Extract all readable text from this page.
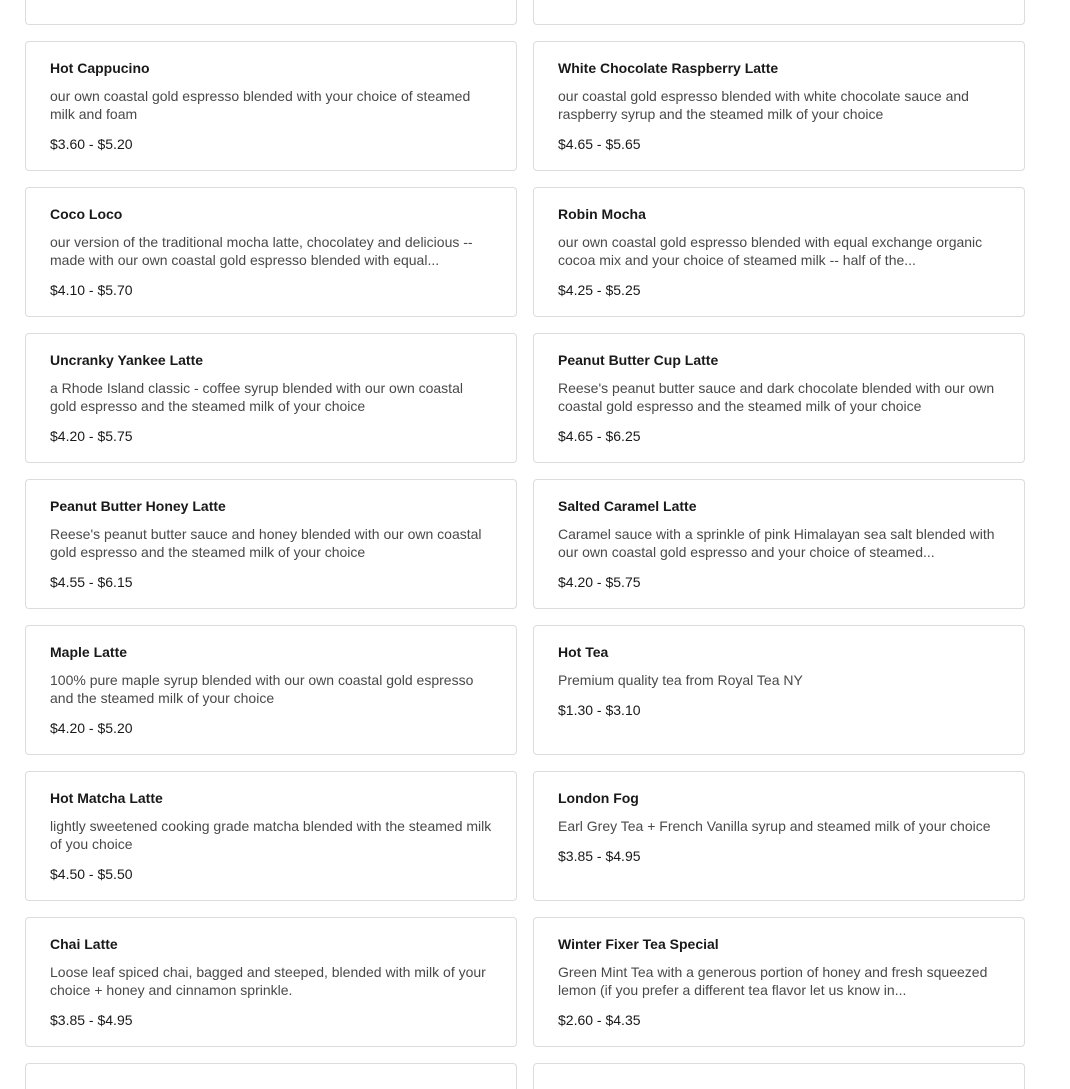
Hot Cappucino
our own coastal gold espresso blended with your choice of steamed milk and foam
$3.60 - $5.20
White Chocolate Raspberry Latte
our coastal gold espresso blended with white chocolate sauce and raspberry syrup and the steamed milk of your choice
$4.65 - $5.65
Coco Loco
our version of the traditional mocha latte, chocolatey and delicious -- made with our own coastal gold espresso blended with equal...
$4.10 - $5.70
Robin Mocha
our own coastal gold espresso blended with equal exchange organic cocoa mix and your choice of steamed milk -- half of the...
$4.25 - $5.25
Uncranky Yankee Latte
a Rhode Island classic - coffee syrup blended with our own coastal gold espresso and the steamed milk of your choice
$4.20 - $5.75
Peanut Butter Cup Latte
Reese's peanut butter sauce and dark chocolate blended with our own coastal gold espresso and the steamed milk of your choice
$4.65 - $6.25
Peanut Butter Honey Latte
Reese's peanut butter sauce and honey blended with our own coastal gold espresso and the steamed milk of your choice
$4.55 - $6.15
Salted Caramel Latte
Caramel sauce with a sprinkle of pink Himalayan sea salt blended with our own coastal gold espresso and your choice of steamed...
$4.20 - $5.75
Maple Latte
100% pure maple syrup blended with our own coastal gold espresso and the steamed milk of your choice
$4.20 - $5.20
Hot Tea
Premium quality tea from Royal Tea NY
$1.30 - $3.10
Hot Matcha Latte
lightly sweetened cooking grade matcha blended with the steamed milk of you choice
$4.50 - $5.50
London Fog
Earl Grey Tea + French Vanilla syrup and steamed milk of your choice
$3.85 - $4.95
Chai Latte
Loose leaf spiced chai, bagged and steeped, blended with milk of your choice + honey and cinnamon sprinkle.
$3.85 - $4.95
Winter Fixer Tea Special
Green Mint Tea with a generous portion of honey and fresh squeezed lemon (if you prefer a different tea flavor let us know in...
$2.60 - $4.35
